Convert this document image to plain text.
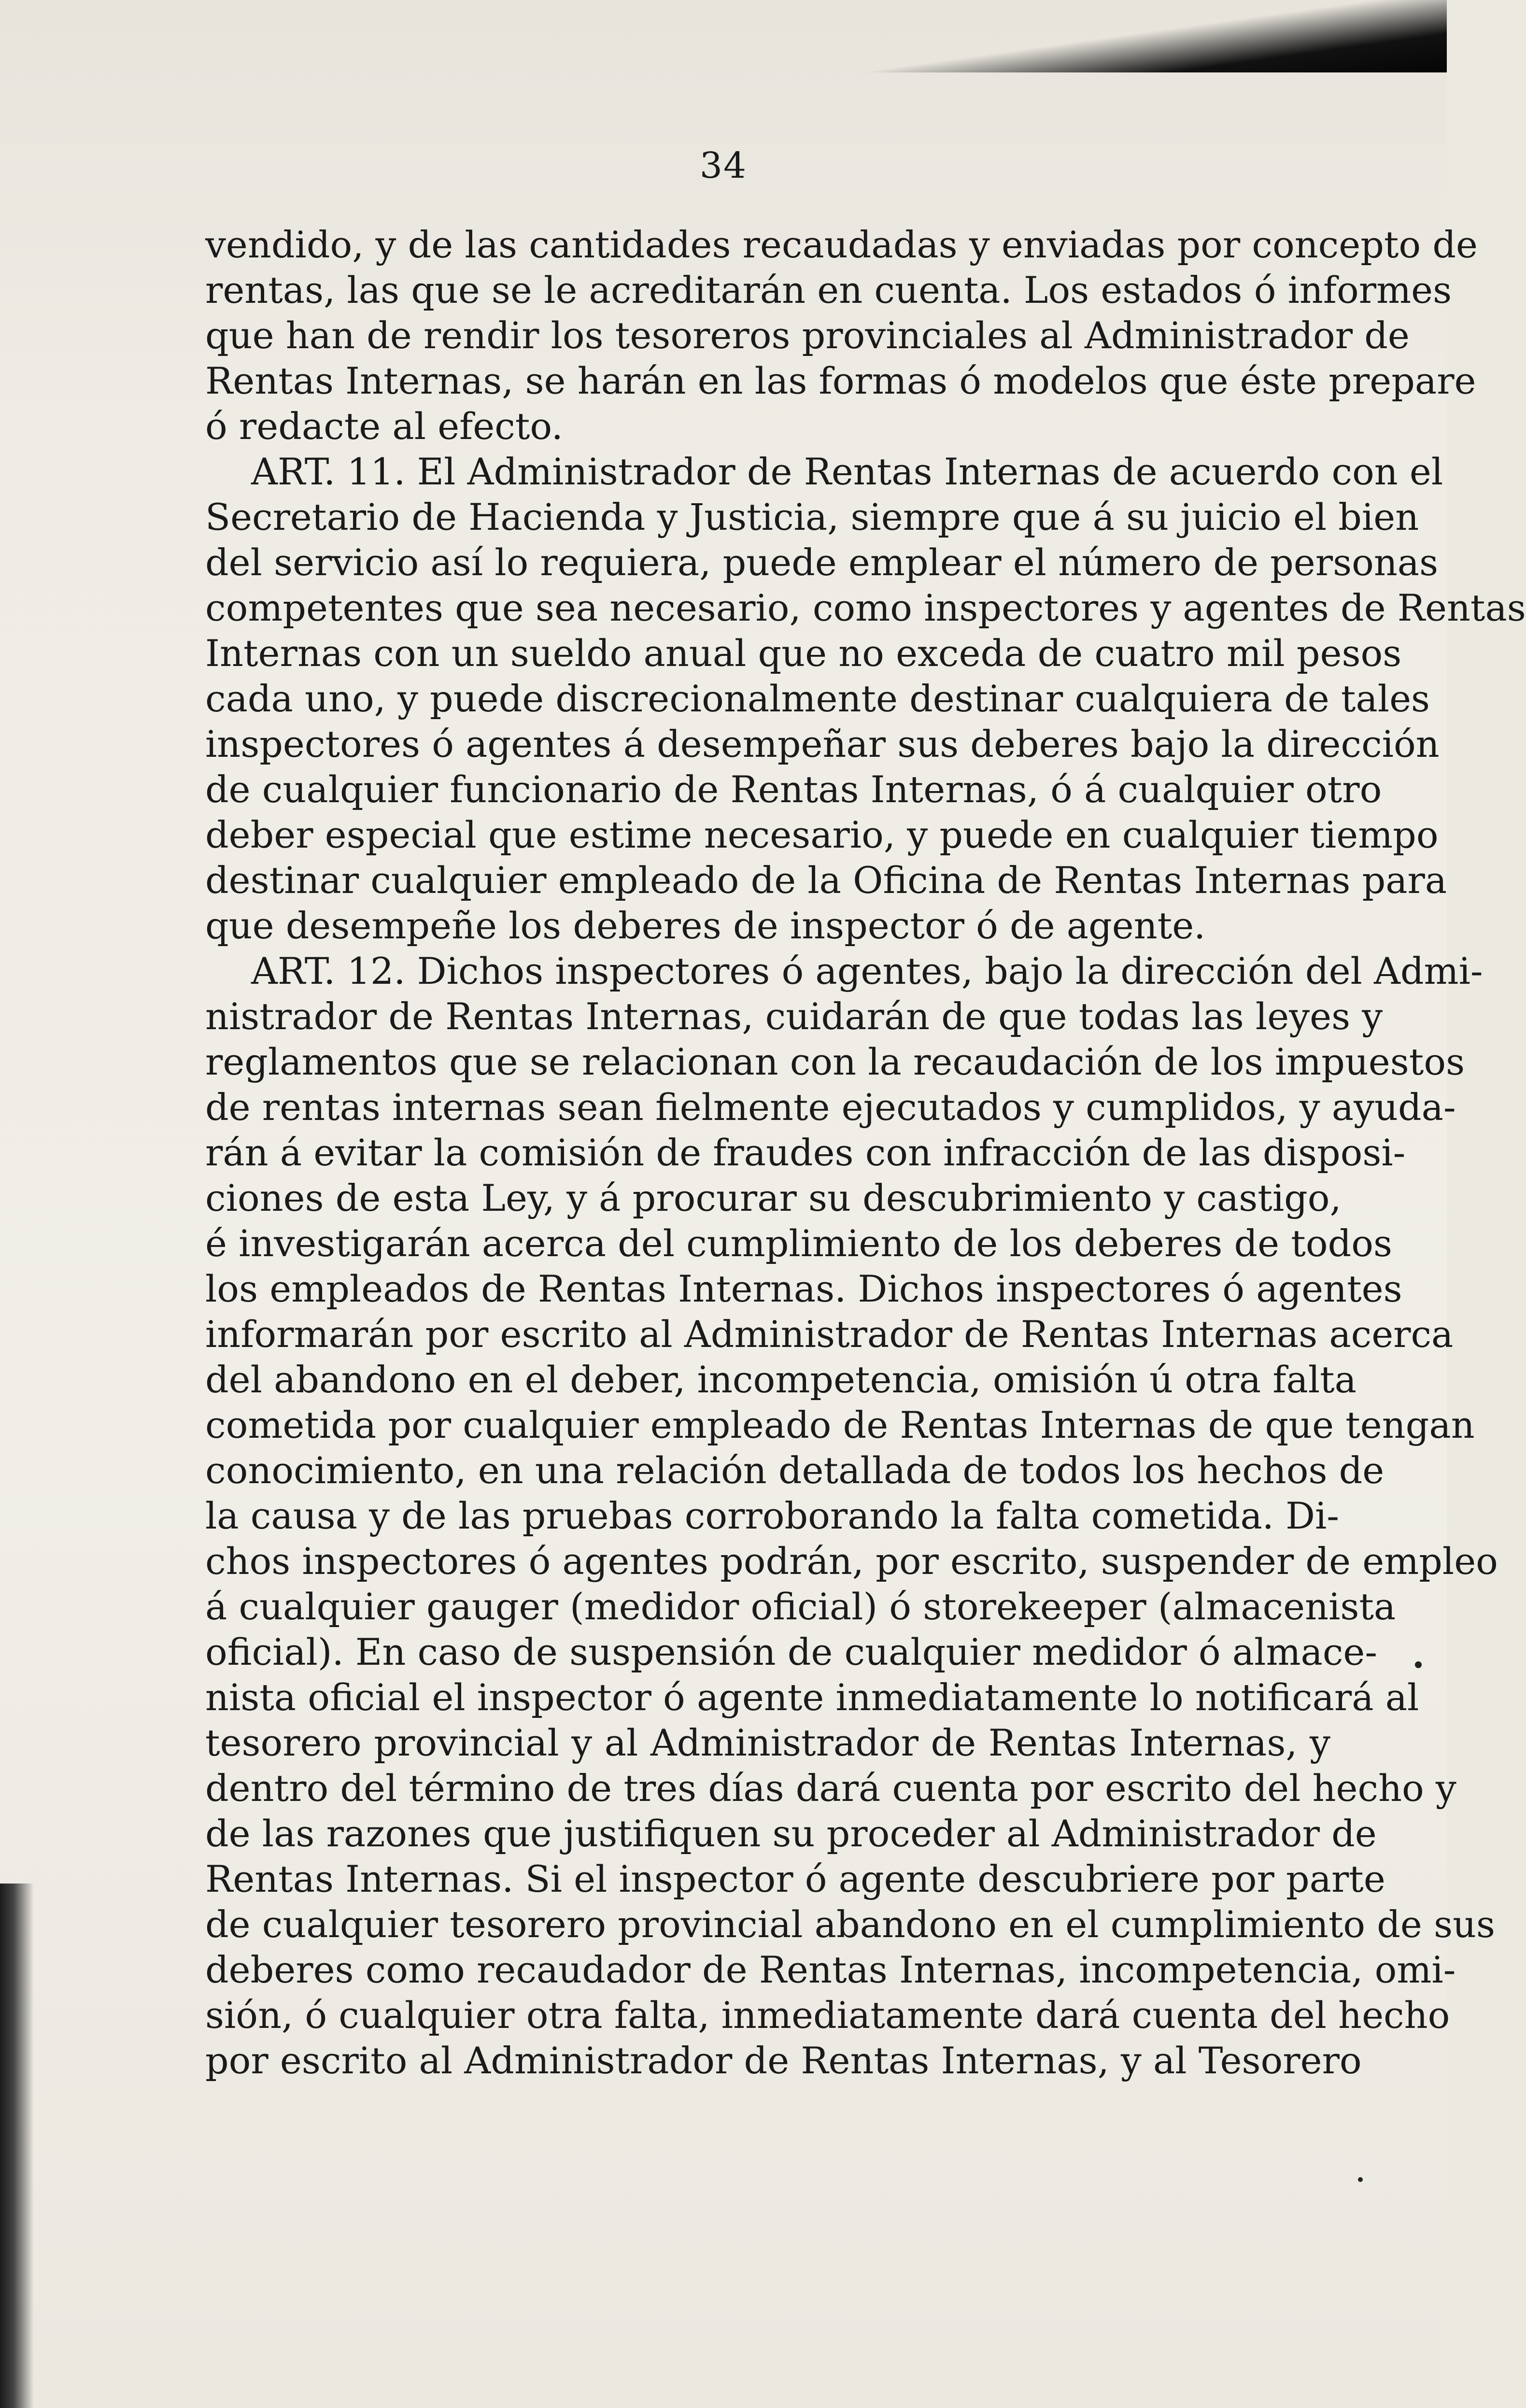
34
vendido, y de las cantidades recaudadas y enviadas por concepto de
rentas, las que se le acreditarán en cuenta. Los estados ó informes
que han de rendir los tesoreros provinciales al Administrador de
Rentas Internas, se harán en las formas ó modelos que éste prepare
ó redacte al efecto.
ART. 11. El Administrador de Rentas Internas de acuerdo con el
Secretario de Hacienda y Justicia, siempre que á su juicio el bien
del servicio así lo requiera, puede emplear el número de personas
competentes que sea necesario, como inspectores y agentes de Rentas
Internas con un sueldo anual que no exceda de cuatro mil pesos
cada uno, y puede discrecionalmente destinar cualquiera de tales
inspectores ó agentes á desempeñar sus deberes bajo la dirección
de cualquier funcionario de Rentas Internas, ó á cualquier otro
deber especial que estime necesario, y puede en cualquier tiempo
destinar cualquier empleado de la Oficina de Rentas Internas para
que desempeñe los deberes de inspector ó de agente.
ART. 12. Dichos inspectores ó agentes, bajo la dirección del Admi-
nistrador de Rentas Internas, cuidarán de que todas las leyes y
reglamentos que se relacionan con la recaudación de los impuestos
de rentas internas sean fielmente ejecutados y cumplidos, y ayuda-
rán á evitar la comisión de fraudes con infracción de las disposi-
ciones de esta Ley, y á procurar su descubrimiento y castigo,
é investigarán acerca del cumplimiento de los deberes de todos
los empleados de Rentas Internas. Dichos inspectores ó agentes
informarán por escrito al Administrador de Rentas Internas acerca
del abandono en el deber, incompetencia, omisión ú otra falta
cometida por cualquier empleado de Rentas Internas de que tengan
conocimiento, en una relación detallada de todos los hechos de
la causa y de las pruebas corroborando la falta cometida. Di-
chos inspectores ó agentes podrán, por escrito, suspender de empleo
á cualquier gauger (medidor oficial) ó storekeeper (almacenista
oficial). En caso de suspensión de cualquier medidor ó almace-
nista oficial el inspector ó agente inmediatamente lo notificará al
tesorero provincial y al Administrador de Rentas Internas, y
dentro del término de tres días dará cuenta por escrito del hecho y
de las razones que justifiquen su proceder al Administrador de
Rentas Internas. Si el inspector ó agente descubriere por parte
de cualquier tesorero provincial abandono en el cumplimiento de sus
deberes como recaudador de Rentas Internas, incompetencia, omi-
sión, ó cualquier otra falta, inmediatamente dará cuenta del hecho
por escrito al Administrador de Rentas Internas, y al Tesorero
